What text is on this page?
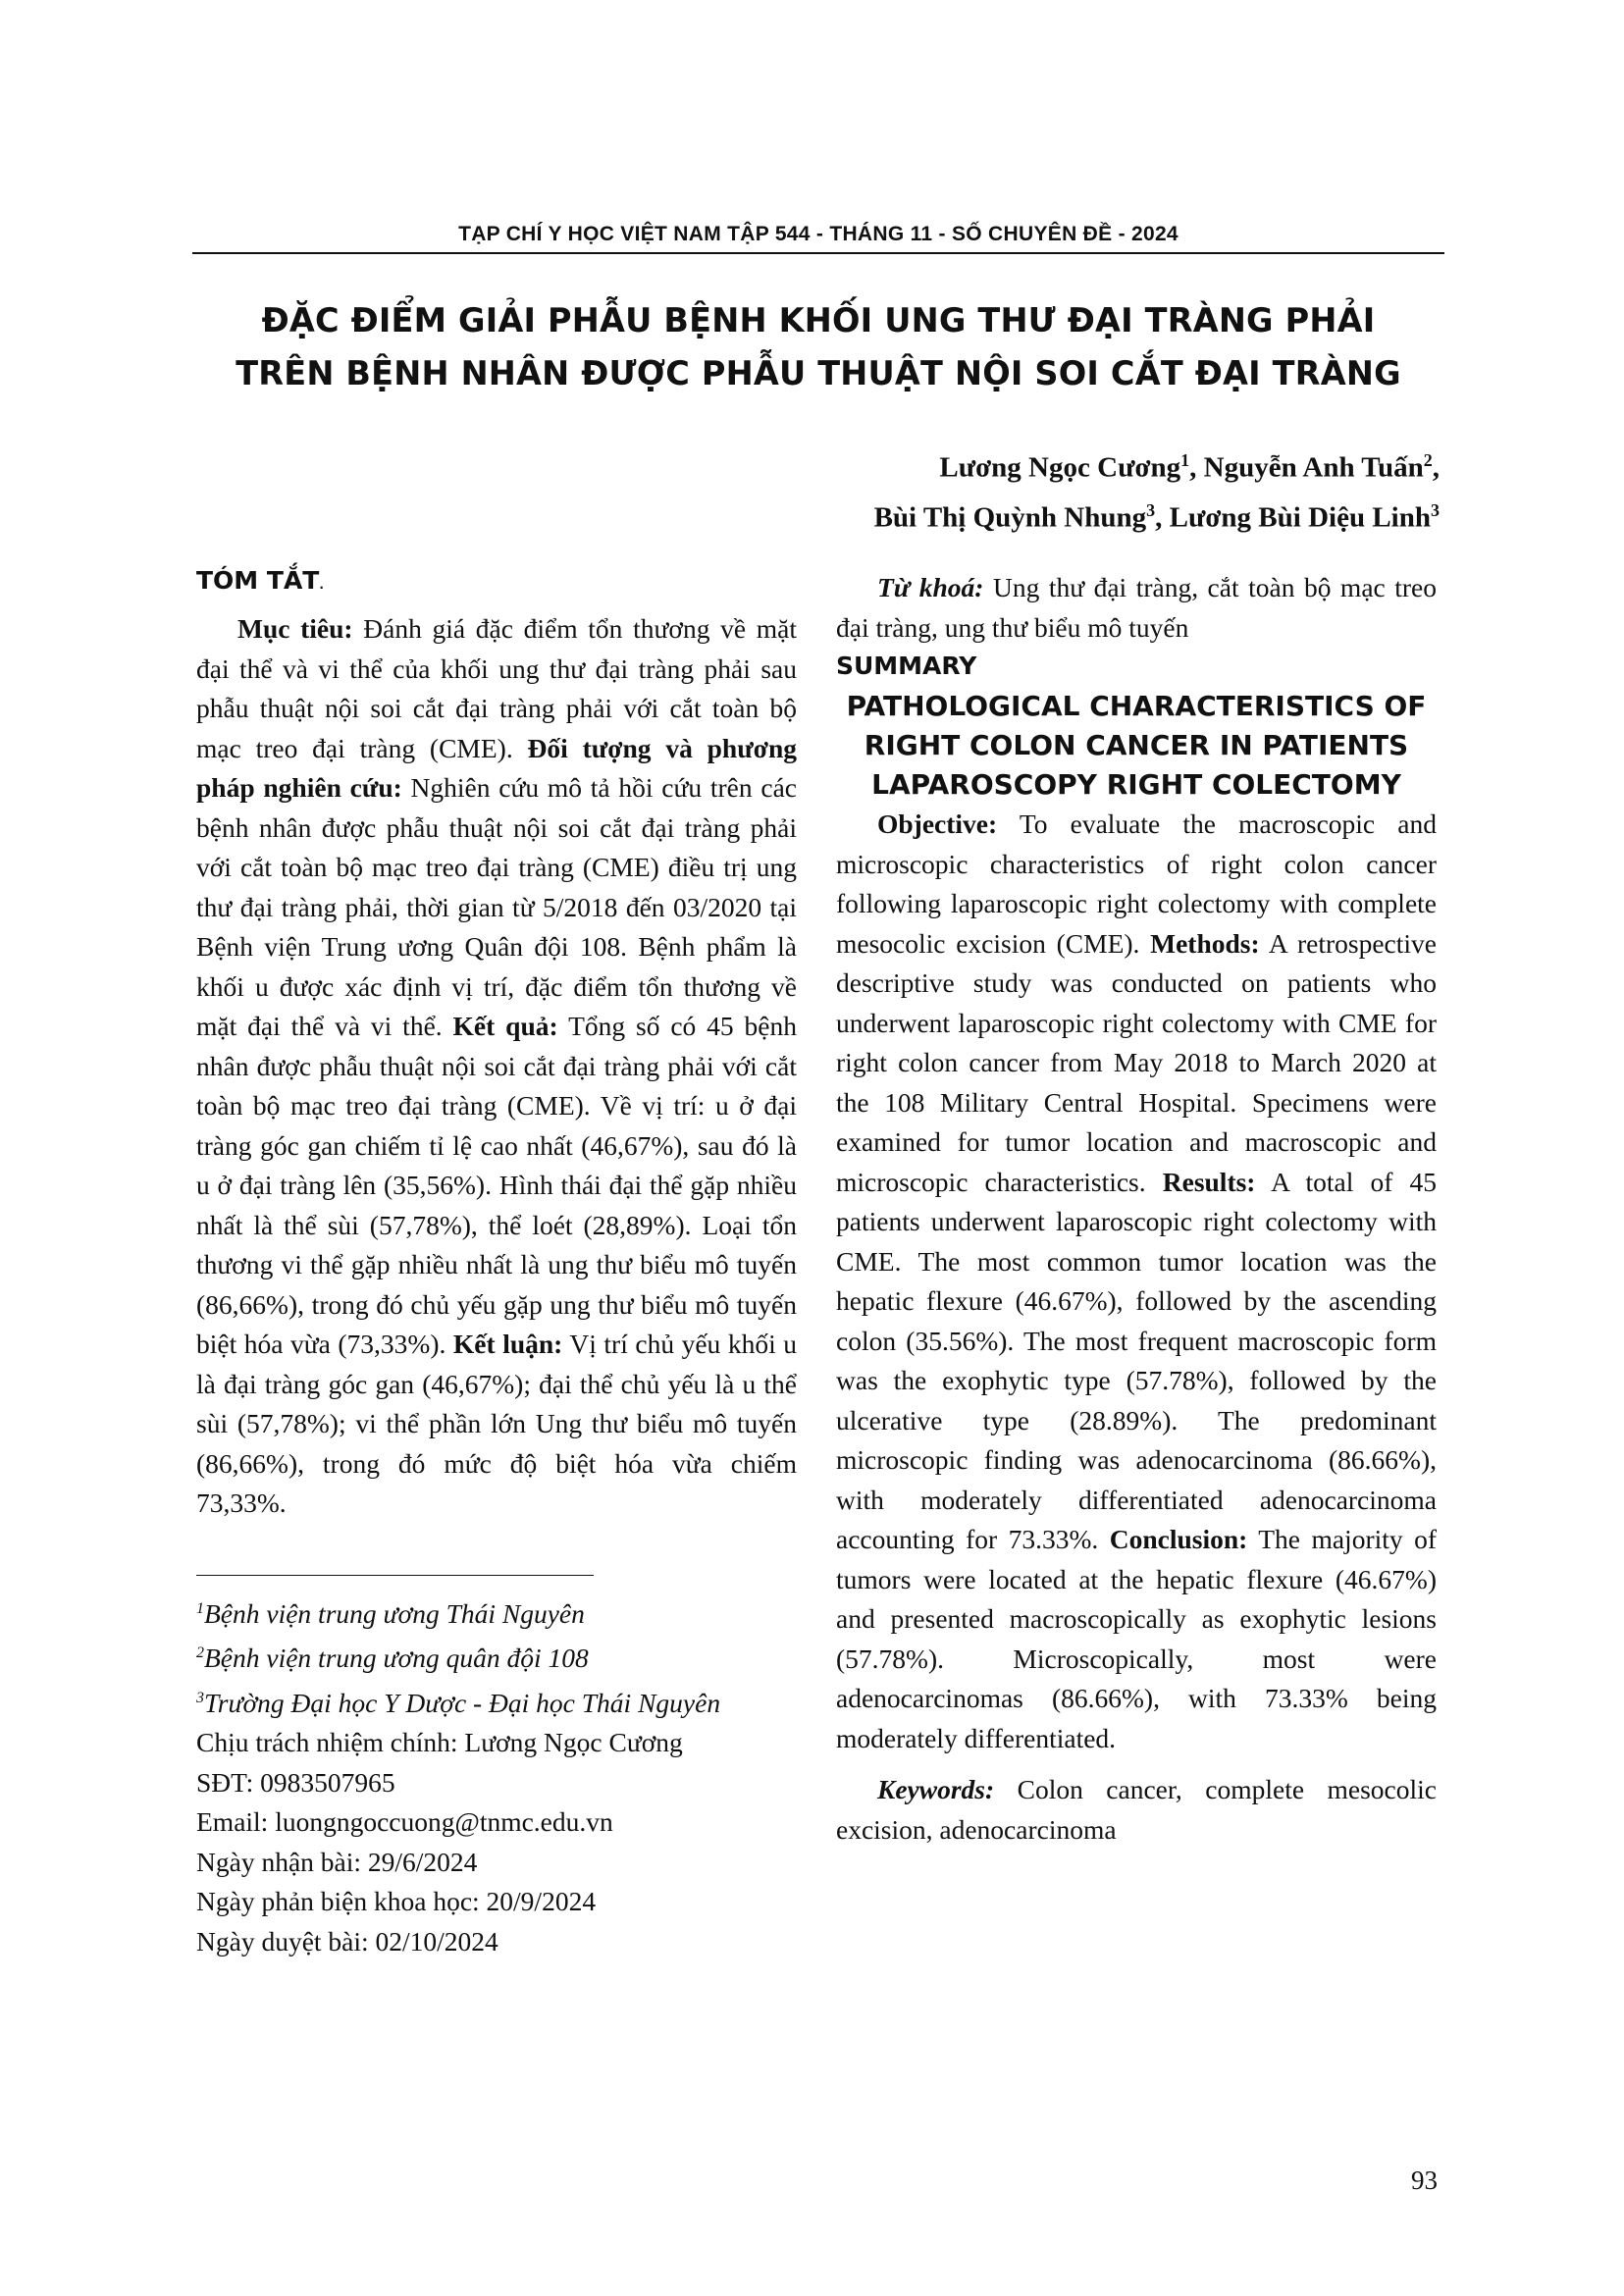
TẠP CHÍ Y HỌC VIỆT NAM TẬP 544 - THÁNG 11 - SỐ CHUYÊN ĐỀ - 2024
ĐẶC ĐIỂM GIẢI PHẪU BỆNH KHỐI UNG THƯ ĐẠI TRÀNG PHẢI
TRÊN BỆNH NHÂN ĐƯỢC PHẪU THUẬT NỘI SOI CẮT ĐẠI TRÀNG
Lương Ngọc Cương$^1$, Nguyễn Anh Tuấn$^2$,
Bùi Thị Quỳnh Nhung$^3$, Lương Bùi Diệu Linh$^3$
TÓM TẮT.

Mục tiêu: Đánh giá đặc điểm tổn thương về mặt đại thể và vi thể của khối ung thư đại tràng phải sau phẫu thuật nội soi cắt đại tràng phải với cắt toàn bộ mạc treo đại tràng (CME). Đối tượng và phương pháp nghiên cứu: Nghiên cứu mô tả hồi cứu trên các bệnh nhân được phẫu thuật nội soi cắt đại tràng phải với cắt toàn bộ mạc treo đại tràng (CME) điều trị ung thư đại tràng phải, thời gian từ 5/2018 đến 03/2020 tại Bệnh viện Trung ương Quân đội 108. Bệnh phẩm là khối u được xác định vị trí, đặc điểm tổn thương về mặt đại thể và vi thể. Kết quả: Tổng số có 45 bệnh nhân được phẫu thuật nội soi cắt đại tràng phải với cắt toàn bộ mạc treo đại tràng (CME). Về vị trí: u ở đại tràng góc gan chiếm tỉ lệ cao nhất (46,67%), sau đó là u ở đại tràng lên (35,56%). Hình thái đại thể gặp nhiều nhất là thể sùi (57,78%), thể loét (28,89%). Loại tổn thương vi thể gặp nhiều nhất là ung thư biểu mô tuyến (86,66%), trong đó chủ yếu gặp ung thư biểu mô tuyến biệt hóa vừa (73,33%). Kết luận: Vị trí chủ yếu khối u là đại tràng góc gan (46,67%); đại thể chủ yếu là u thể sùi (57,78%); vi thể phần lớn Ung thư biểu mô tuyến (86,66%), trong đó mức độ biệt hóa vừa chiếm 73,33%.

$^1$Bệnh viện trung ương Thái Nguyên
$^2$Bệnh viện trung ương quân đội 108
$^3$Trường Đại học Y Dược - Đại học Thái Nguyên
Chịu trách nhiệm chính: Lương Ngọc Cương
SĐT: 0983507965
Email: luongngoccuong@tnmc.edu.vn
Ngày nhận bài: 29/6/2024
Ngày phản biện khoa học: 20/9/2024
Ngày duyệt bài: 02/10/2024

Từ khoá: Ung thư đại tràng, cắt toàn bộ mạc treo đại tràng, ung thư biểu mô tuyến

SUMMARY
PATHOLOGICAL CHARACTERISTICS OF
RIGHT COLON CANCER IN PATIENTS
LAPAROSCOPY RIGHT COLECTOMY

Objective: To evaluate the macroscopic and microscopic characteristics of right colon cancer following laparoscopic right colectomy with complete mesocolic excision (CME). Methods: A retrospective descriptive study was conducted on patients who underwent laparoscopic right colectomy with CME for right colon cancer from May 2018 to March 2020 at the 108 Military Central Hospital. Specimens were examined for tumor location and macroscopic and microscopic characteristics. Results: A total of 45 patients underwent laparoscopic right colectomy with CME. The most common tumor location was the hepatic flexure (46.67%), followed by the ascending colon (35.56%). The most frequent macroscopic form was the exophytic type (57.78%), followed by the ulcerative type (28.89%). The predominant microscopic finding was adenocarcinoma (86.66%), with moderately differentiated adenocarcinoma accounting for 73.33%. Conclusion: The majority of tumors were located at the hepatic flexure (46.67%) and presented macroscopically as exophytic lesions (57.78%). Microscopically, most were adenocarcinomas (86.66%), with 73.33% being moderately differentiated.

Keywords: Colon cancer, complete mesocolic excision, adenocarcinoma

93
